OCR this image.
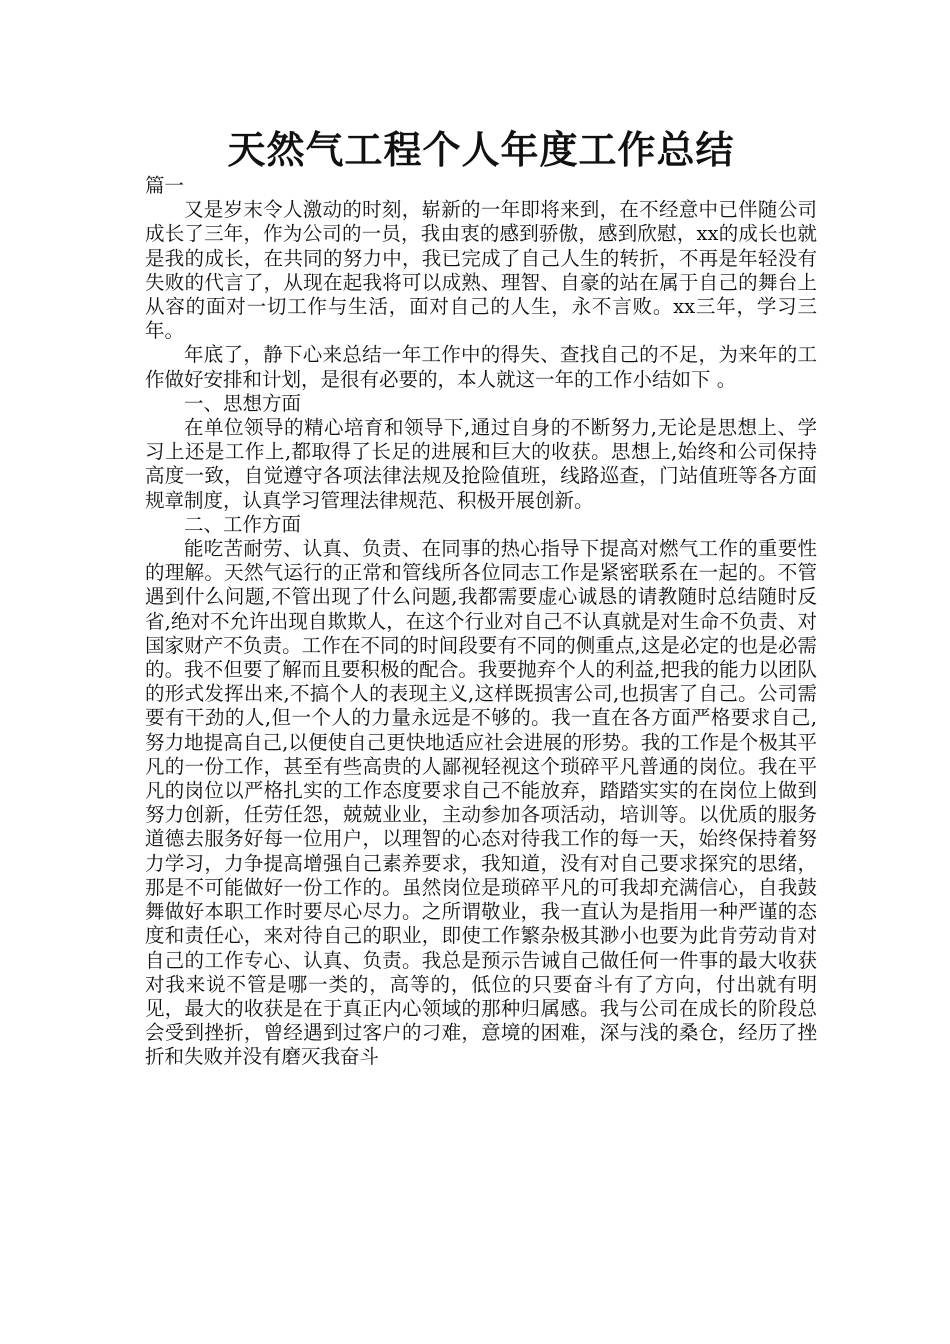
天然气工程个人年度工作总结

篇一

又是岁末令人激动的时刻，崭新的一年即将来到，在不经意中已伴随公司成长了三年，作为公司的一员，我由衷的感到骄傲，感到欣慰，xx的成长也就是我的成长，在共同的努力中，我已完成了自己人生的转折，不再是年轻没有失败的代言了，从现在起我将可以成熟、理智、自豪的站在属于自己的舞台上从容的面对一切工作与生活，面对自己的人生，永不言败。xx三年，学习三年。

年底了，静下心来总结一年工作中的得失、查找自己的不足，为来年的工作做好安排和计划，是很有必要的，本人就这一年的工作小结如下 。

一、思想方面

在单位领导的精心培育和领导下,通过自身的不断努力,无论是思想上、学习上还是工作上,都取得了长足的进展和巨大的收获。思想上,始终和公司保持高度一致，自觉遵守各项法律法规及抢险值班，线路巡查，门站值班等各方面规章制度，认真学习管理法律规范、积极开展创新。

二、工作方面

能吃苦耐劳、认真、负责、在同事的热心指导下提高对燃气工作的重要性的理解。天然气运行的正常和管线所各位同志工作是紧密联系在一起的。不管遇到什么问题,不管出现了什么问题,我都需要虚心诚恳的请教随时总结随时反省,绝对不允许出现自欺欺人，在这个行业对自己不认真就是对生命不负责、对国家财产不负责。工作在不同的时间段要有不同的侧重点,这是必定的也是必需的。我不但要了解而且要积极的配合。我要抛弃个人的利益,把我的能力以团队的形式发挥出来,不搞个人的表现主义,这样既损害公司,也损害了自己。公司需要有干劲的人,但一个人的力量永远是不够的。我一直在各方面严格要求自己,努力地提高自己,以便使自己更快地适应社会进展的形势。我的工作是个极其平凡的一份工作，甚至有些高贵的人鄙视轻视这个琐碎平凡普通的岗位。我在平凡的岗位以严格扎实的工作态度要求自己不能放弃，踏踏实实的在岗位上做到努力创新，任劳任怨，兢兢业业，主动参加各项活动，培训等。以优质的服务道德去服务好每一位用户，以理智的心态对待我工作的每一天，始终保持着努力学习，力争提高增强自己素养要求，我知道，没有对自己要求探究的思绪，那是不可能做好一份工作的。虽然岗位是琐碎平凡的可我却充满信心，自我鼓舞做好本职工作时要尽心尽力。之所谓敬业，我一直认为是指用一种严谨的态度和责任心，来对待自己的职业，即使工作繁杂极其渺小也要为此肯劳动肯对自己的工作专心、认真、负责。我总是预示告诫自己做任何一件事的最大收获对我来说不管是哪一类的，高等的，低位的只要奋斗有了方向，付出就有明见，最大的收获是在于真正内心领域的那种归属感。我与公司在成长的阶段总会受到挫折，曾经遇到过客户的刁难，意境的困难，深与浅的桑仓，经历了挫折和失败并没有磨灭我奋斗
